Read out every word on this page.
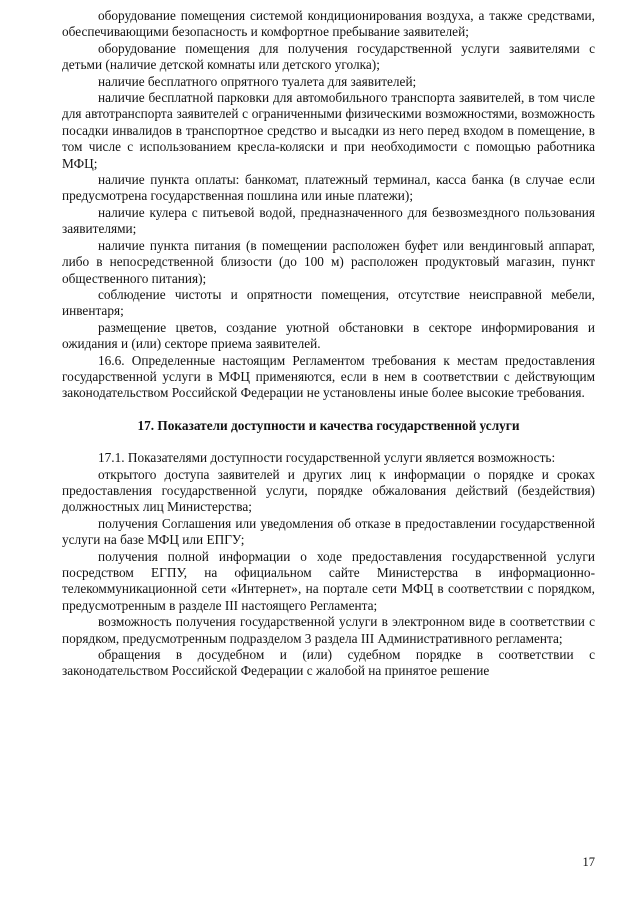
оборудование помещения системой кондиционирования воздуха, а также средствами, обеспечивающими безопасность и комфортное пребывание заявителей;

оборудование помещения для получения государственной услуги заявителями с детьми (наличие детской комнаты или детского уголка);

наличие бесплатного опрятного туалета для заявителей;

наличие бесплатной парковки для автомобильного транспорта заявителей, в том числе для автотранспорта заявителей с ограниченными физическими возможностями, возможность посадки инвалидов в транспортное средство и высадки из него перед входом в помещение, в том числе с использованием кресла-коляски и при необходимости с помощью работника МФЦ;

наличие пункта оплаты: банкомат, платежный терминал, касса банка (в случае если предусмотрена государственная пошлина или иные платежи);

наличие кулера с питьевой водой, предназначенного для безвозмездного пользования заявителями;

наличие пункта питания (в помещении расположен буфет или вендинговый аппарат, либо в непосредственной близости (до 100 м) расположен продуктовый магазин, пункт общественного питания);

соблюдение чистоты и опрятности помещения, отсутствие неисправной мебели, инвентаря;

размещение цветов, создание уютной обстановки в секторе информирования и ожидания и (или) секторе приема заявителей.

16.6. Определенные настоящим Регламентом требования к местам предоставления государственной услуги в МФЦ применяются, если в нем в соответствии с действующим законодательством Российской Федерации не установлены иные более высокие требования.

17. Показатели доступности и качества государственной услуги

17.1. Показателями доступности государственной услуги является возможность:

открытого доступа заявителей и других лиц к информации о порядке и сроках предоставления государственной услуги, порядке обжалования действий (бездействия) должностных лиц Министерства;

получения Соглашения или уведомления об отказе в предоставлении государственной услуги на базе МФЦ или ЕПГУ;

получения полной информации о ходе предоставления государственной услуги посредством ЕГПУ, на официальном сайте Министерства в информационно-телекоммуникационной сети «Интернет», на портале сети МФЦ в соответствии с порядком, предусмотренным в разделе III настоящего Регламента;

возможность получения государственной услуги в электронном виде в соответствии с порядком, предусмотренным подразделом 3 раздела III Административного регламента;

обращения в досудебном и (или) судебном порядке в соответствии с законодательством Российской Федерации с жалобой на принятое решение

17
